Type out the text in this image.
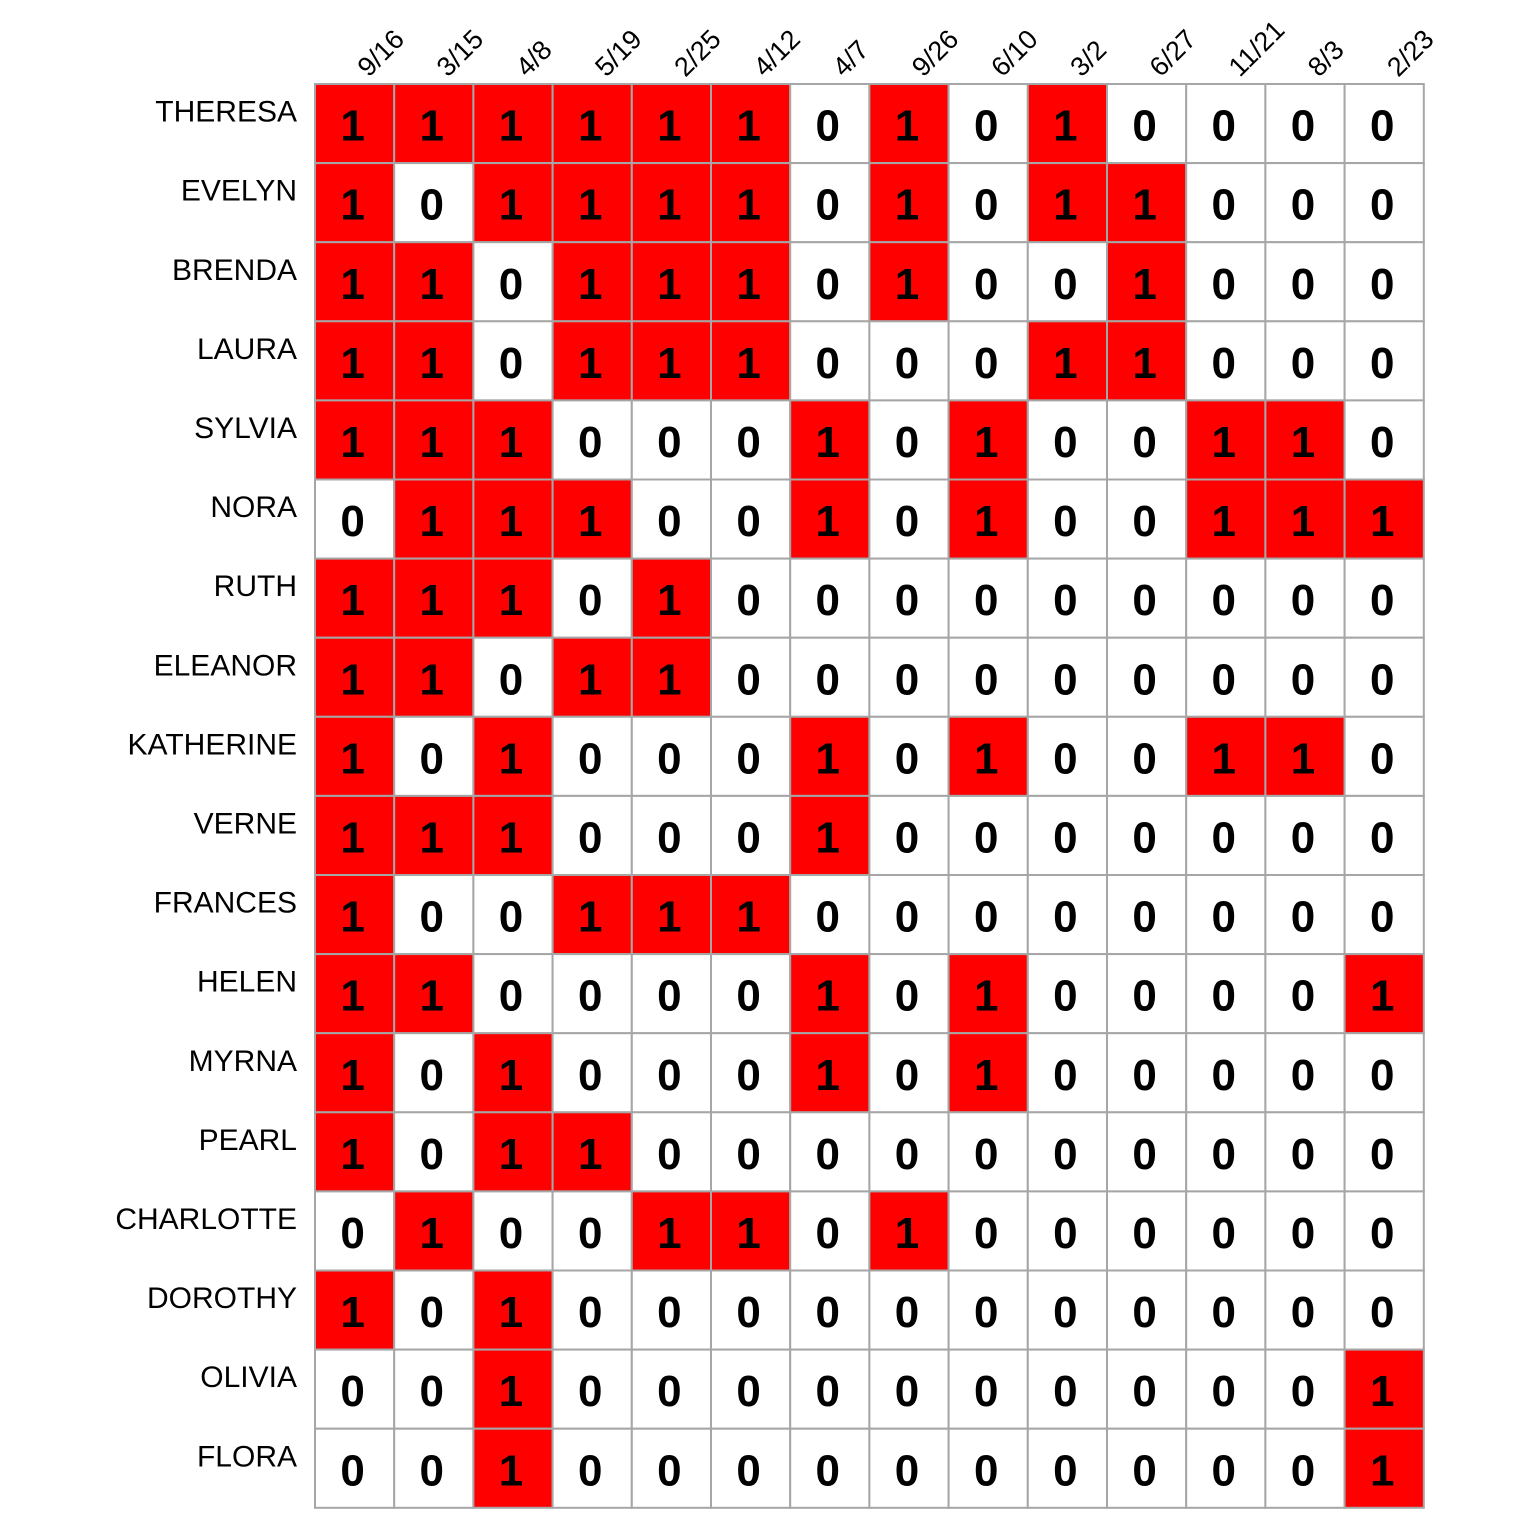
9/16 3/15 4/8 5/19 2/25 4/12 4/7 9/26 6/10 3/2 6/27 11/21 8/3 2/23
THERESA
EVELYN
BRENDA
LAURA
SYLVIA
NORA
RUTH
ELEANOR
KATHERINE
VERNE
FRANCES
HELEN
MYRNA
PEARL
CHARLOTTE
DOROTHY
OLIVIA
FLORA
1 1 1 1 1 1 0 1 0 1 0 0 0 0
1 0 1 1 1 1 0 1 0 1 1 0 0 0
1 1 0 1 1 1 0 1 0 0 1 0 0 0
1 1 0 1 1 1 0 0 0 1 1 0 0 0
1 1 1 0 0 0 1 0 1 0 0 1 1 0
0 1 1 1 0 0 1 0 1 0 0 1 1 1
1 1 1 0 1 0 0 0 0 0 0 0 0 0
1 1 0 1 1 0 0 0 0 0 0 0 0 0
1 0 1 0 0 0 1 0 1 0 0 1 1 0
1 1 1 0 0 0 1 0 0 0 0 0 0 0
1 0 0 1 1 1 0 0 0 0 0 0 0 0
1 1 0 0 0 0 1 0 1 0 0 0 0 1
1 0 1 0 0 0 1 0 1 0 0 0 0 0
1 0 1 1 0 0 0 0 0 0 0 0 0 0
0 1 0 0 1 1 0 1 0 0 0 0 0 0
1 0 1 0 0 0 0 0 0 0 0 0 0 0
0 0 1 0 0 0 0 0 0 0 0 0 0 1
0 0 1 0 0 0 0 0 0 0 0 0 0 1
